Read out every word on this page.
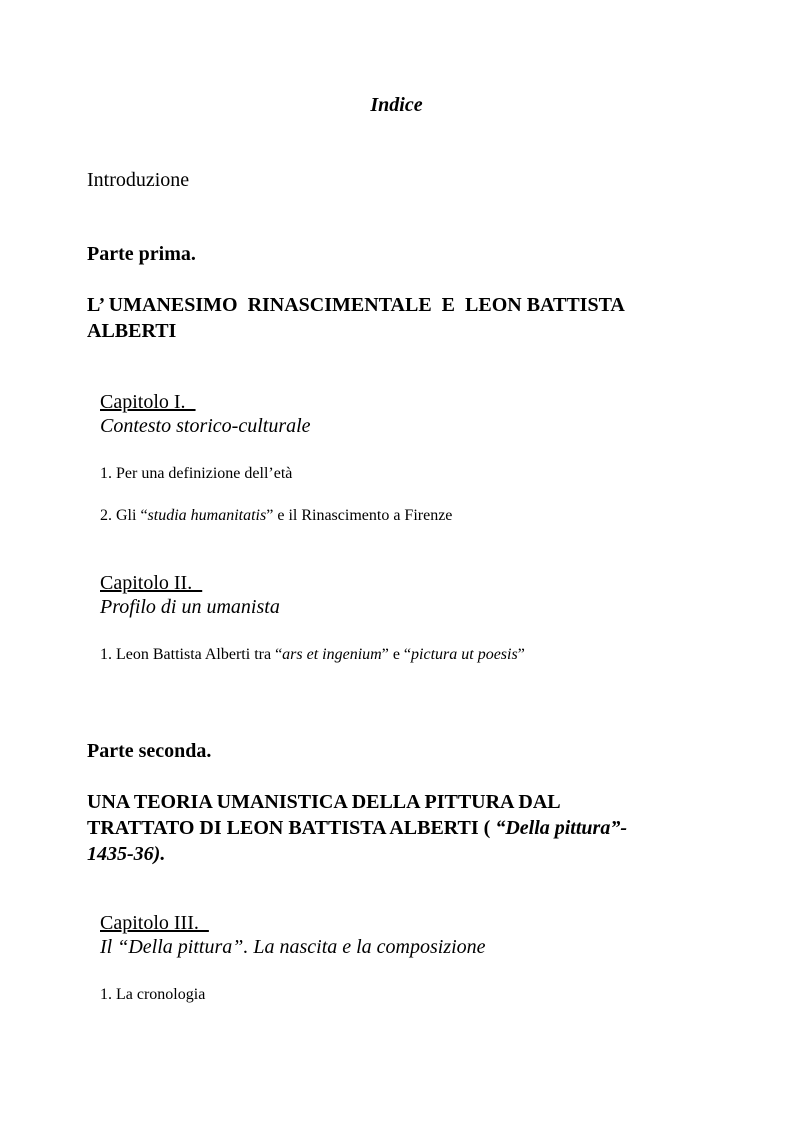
Indice
Introduzione
Parte prima.
L’ UMANESIMO  RINASCIMENTALE  E  LEON BATTISTA
ALBERTI
Capitolo I.
Contesto storico-culturale
1. Per una definizione dell’età
2. Gli “studia humanitatis” e il Rinascimento a Firenze
Capitolo II.
Profilo di un umanista
1. Leon Battista Alberti tra “ars et ingenium” e “pictura ut poesis”
Parte seconda.
UNA TEORIA UMANISTICA DELLA PITTURA DAL
TRATTATO DI LEON BATTISTA ALBERTI ( “Della pittura”-
1435-36).
Capitolo III.
Il “Della pittura”. La nascita e la composizione
1. La cronologia
